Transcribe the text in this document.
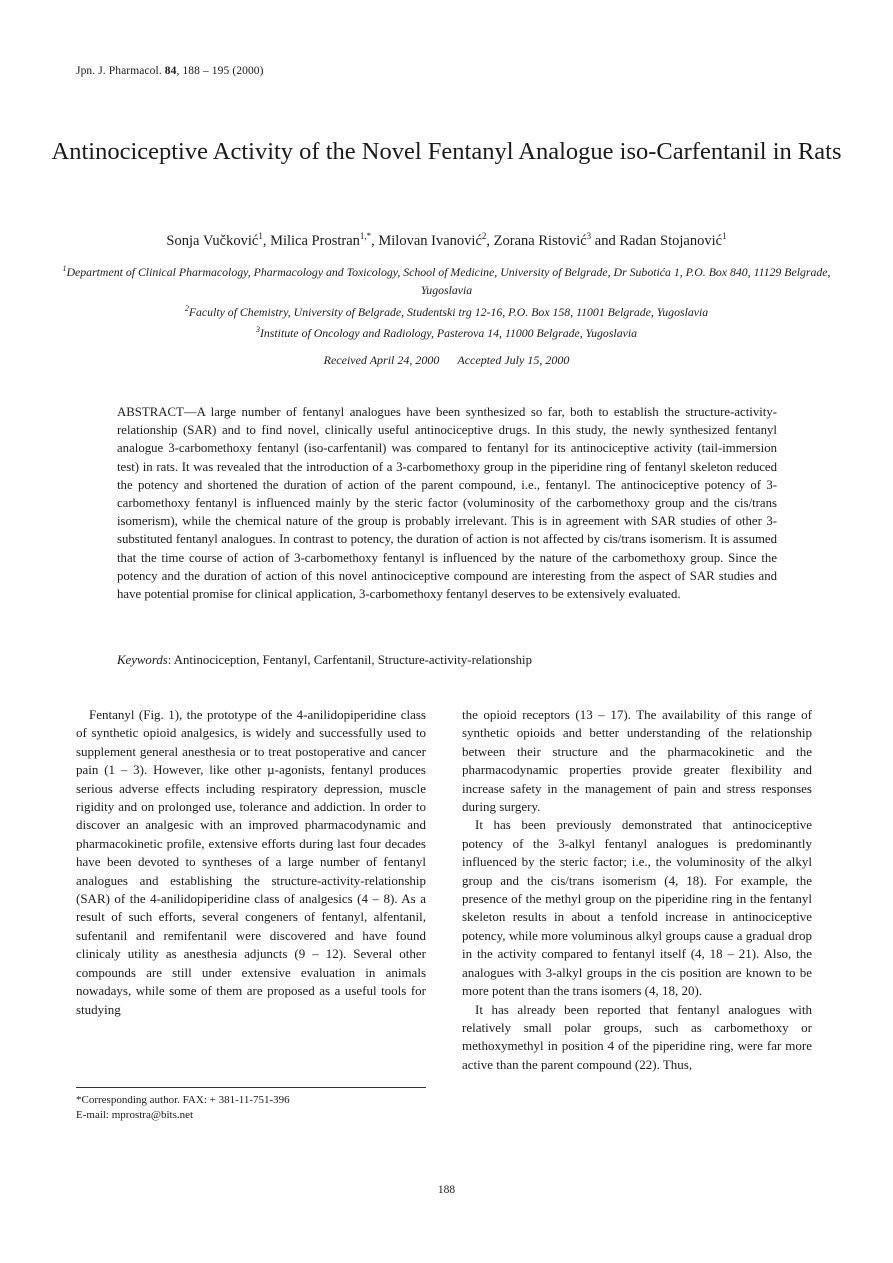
Jpn. J. Pharmacol. 84, 188 – 195 (2000)
Antinociceptive Activity of the Novel Fentanyl Analogue iso-Carfentanil in Rats
Sonja Vučković$^1$, Milica Prostran$^{1,*}$, Milovan Ivanović$^2$, Zorana Ristović$^3$ and Radan Stojanović$^1$
$^1$Department of Clinical Pharmacology, Pharmacology and Toxicology, School of Medicine, University of Belgrade, Dr Subotića 1, P.O. Box 840, 11129 Belgrade, Yugoslavia
$^2$Faculty of Chemistry, University of Belgrade, Studentski trg 12-16, P.O. Box 158, 11001 Belgrade, Yugoslavia
$^3$Institute of Oncology and Radiology, Pasterova 14, 11000 Belgrade, Yugoslavia
Received April 24, 2000 Accepted July 15, 2000
ABSTRACT—A large number of fentanyl analogues have been synthesized so far, both to establish the structure-activity-relationship (SAR) and to find novel, clinically useful antinociceptive drugs. In this study, the newly synthesized fentanyl analogue 3-carbomethoxy fentanyl (iso-carfentanil) was compared to fentanyl for its antinociceptive activity (tail-immersion test) in rats. It was revealed that the introduction of a 3-carbomethoxy group in the piperidine ring of fentanyl skeleton reduced the potency and shortened the duration of action of the parent compound, i.e., fentanyl. The antinociceptive potency of 3-carbomethoxy fentanyl is influenced mainly by the steric factor (voluminosity of the carbomethoxy group and the cis/trans isomerism), while the chemical nature of the group is probably irrelevant. This is in agreement with SAR studies of other 3-substituted fentanyl analogues. In contrast to potency, the duration of action is not affected by cis/trans isomerism. It is assumed that the time course of action of 3-carbomethoxy fentanyl is influenced by the nature of the carbomethoxy group. Since the potency and the duration of action of this novel antinociceptive compound are interesting from the aspect of SAR studies and have potential promise for clinical application, 3-carbomethoxy fentanyl deserves to be extensively evaluated.
Keywords: Antinociception, Fentanyl, Carfentanil, Structure-activity-relationship

Fentanyl (Fig. 1), the prototype of the 4-anilidopiperidine class of synthetic opioid analgesics, is widely and successfully used to supplement general anesthesia or to treat postoperative and cancer pain (1 – 3). However, like other µ-agonists, fentanyl produces serious adverse effects including respiratory depression, muscle rigidity and on prolonged use, tolerance and addiction. In order to discover an analgesic with an improved pharmacodynamic and pharmacokinetic profile, extensive efforts during last four decades have been devoted to syntheses of a large number of fentanyl analogues and establishing the structure-activity-relationship (SAR) of the 4-anilidopiperidine class of analgesics (4 – 8). As a result of such efforts, several congeners of fentanyl, alfentanil, sufentanil and remifentanil were discovered and have found clinicaly utility as anesthesia adjuncts (9 – 12). Several other compounds are still under extensive evaluation in animals nowadays, while some of them are proposed as a useful tools for studying

the opioid receptors (13 – 17). The availability of this range of synthetic opioids and better understanding of the relationship between their structure and the pharmacokinetic and the pharmacodynamic properties provide greater flexibility and increase safety in the management of pain and stress responses during surgery.

It has been previously demonstrated that antinociceptive potency of the 3-alkyl fentanyl analogues is predominantly influenced by the steric factor; i.e., the voluminosity of the alkyl group and the cis/trans isomerism (4, 18). For example, the presence of the methyl group on the piperidine ring in the fentanyl skeleton results in about a tenfold increase in antinociceptive potency, while more voluminous alkyl groups cause a gradual drop in the activity compared to fentanyl itself (4, 18 – 21). Also, the analogues with 3-alkyl groups in the cis position are known to be more potent than the trans isomers (4, 18, 20).

It has already been reported that fentanyl analogues with relatively small polar groups, such as carbomethoxy or methoxymethyl in position 4 of the piperidine ring, were far more active than the parent compound (22). Thus,

*Corresponding author. FAX: + 381-11-751-396
E-mail: mprostra@bits.net
188
